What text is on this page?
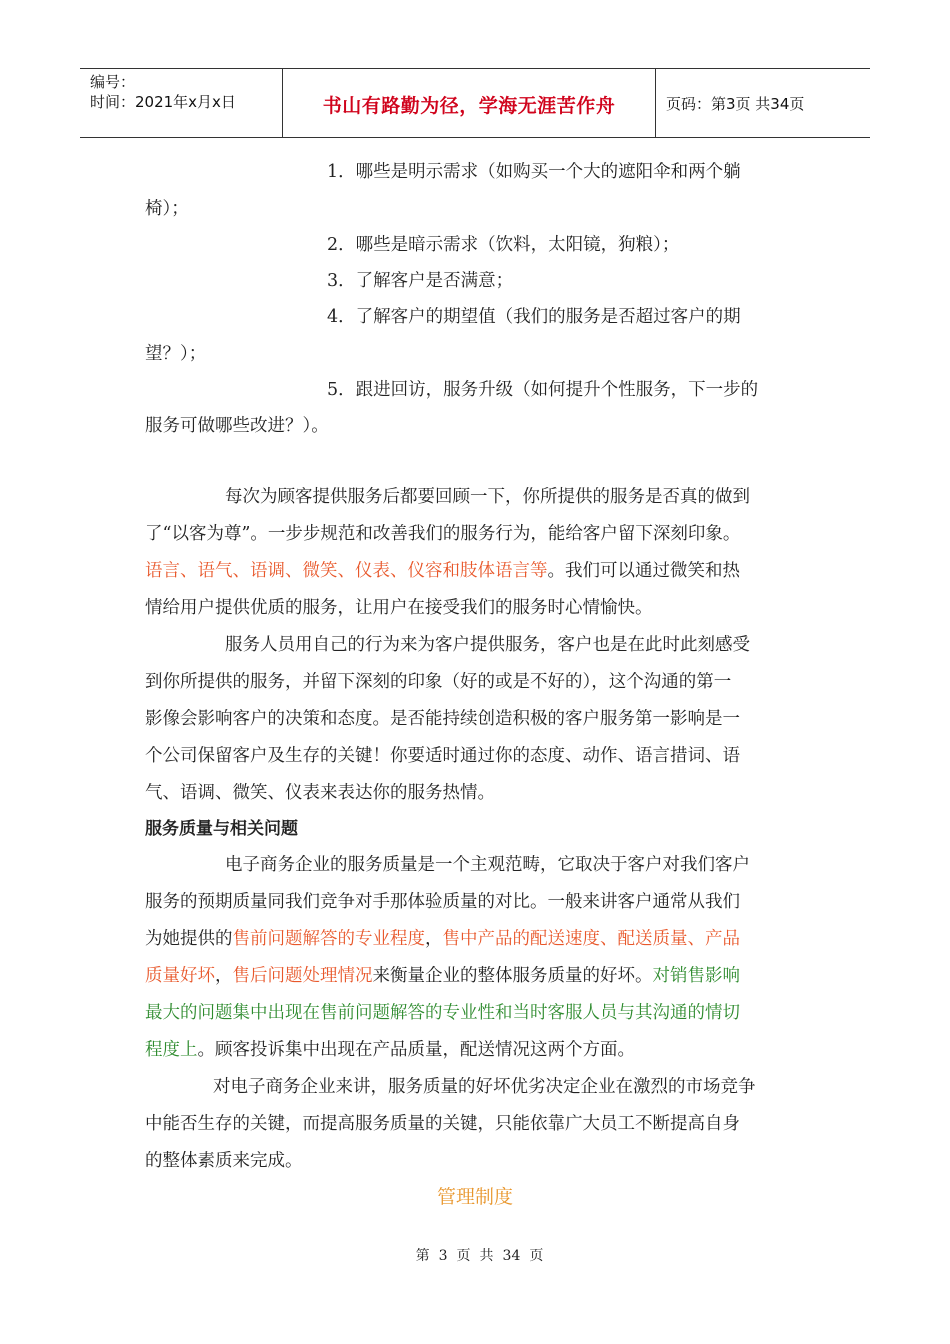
编号：
时间：2021年x月x日	书山有路勤为径，学海无涯苦作舟	页码：第3页 共34页
1．哪些是明示需求（如购买一个大的遮阳伞和两个躺
椅）；
2．哪些是暗示需求（饮料，太阳镜，狗粮）；
3．了解客户是否满意；
4．了解客户的期望值（我们的服务是否超过客户的期
望？）；
5．跟进回访，服务升级（如何提升个性服务，下一步的
服务可做哪些改进？）。
每次为顾客提供服务后都要回顾一下，你所提供的服务是否真的做到
了“以客为尊”。一步步规范和改善我们的服务行为，能给客户留下深刻印象。
语言、语气、语调、微笑、仪表、仪容和肢体语言等。我们可以通过微笑和热
情给用户提供优质的服务，让用户在接受我们的服务时心情愉快。
服务人员用自己的行为来为客户提供服务，客户也是在此时此刻感受
到你所提供的服务，并留下深刻的印象（好的或是不好的），这个沟通的第一
影像会影响客户的决策和态度。是否能持续创造积极的客户服务第一影响是一
个公司保留客户及生存的关键！你要适时通过你的态度、动作、语言措词、语
气、语调、微笑、仪表来表达你的服务热情。
服务质量与相关问题
电子商务企业的服务质量是一个主观范畴，它取决于客户对我们客户
服务的预期质量同我们竞争对手那体验质量的对比。一般来讲客户通常从我们
为她提供的售前问题解答的专业程度，售中产品的配送速度、配送质量、产品
质量好坏，售后问题处理情况来衡量企业的整体服务质量的好坏。对销售影响
最大的问题集中出现在售前问题解答的专业性和当时客服人员与其沟通的情切
程度上。顾客投诉集中出现在产品质量，配送情况这两个方面。
对电子商务企业来讲，服务质量的好坏优劣决定企业在激烈的市场竞争
中能否生存的关键，而提高服务质量的关键，只能依靠广大员工不断提高自身
的整体素质来完成。
管理制度
第 3 页 共 34 页
